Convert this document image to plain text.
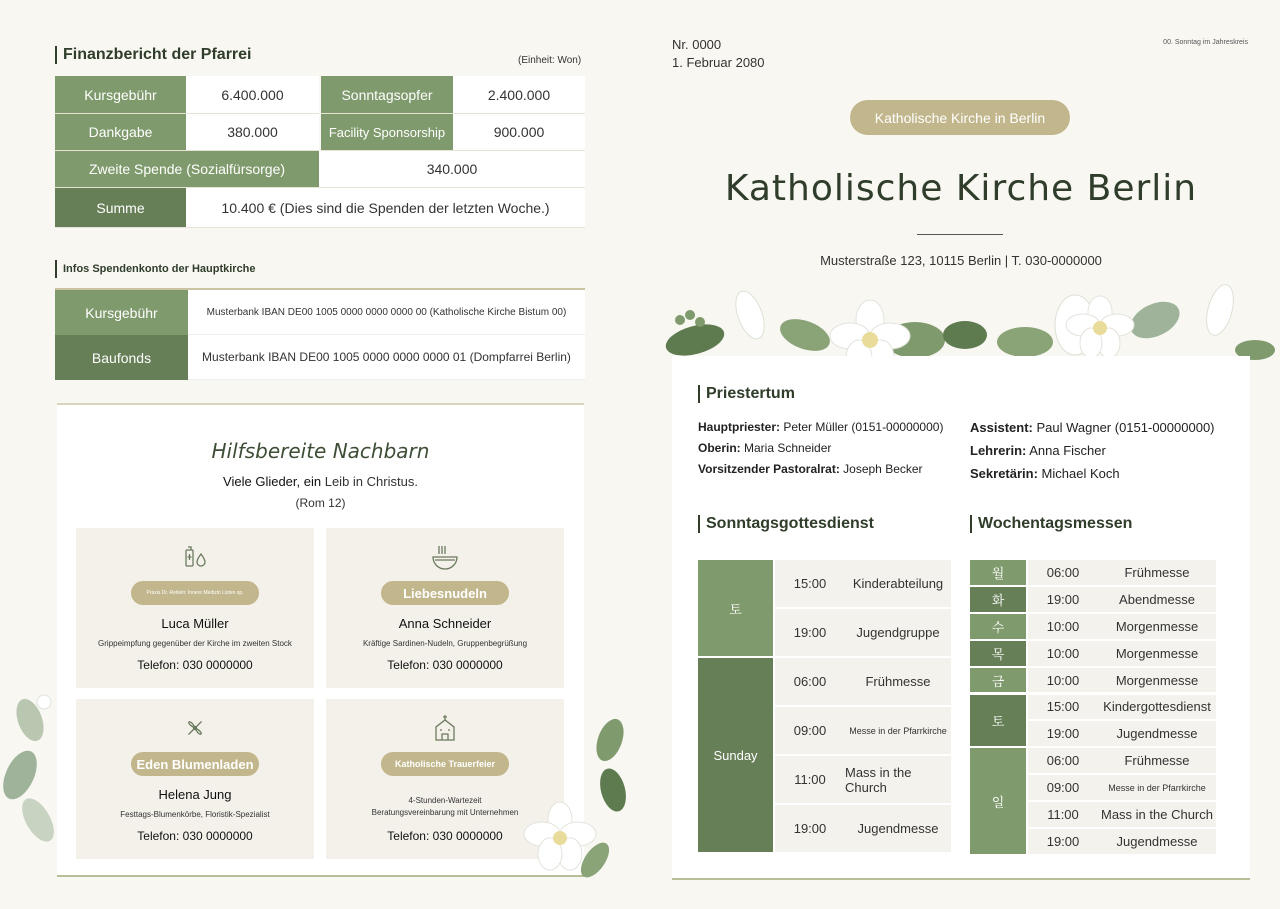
Finanzbericht der Pfarrei	(Einheit: Won)
Kursgebühr	6.400.000	Sonntagsopfer	2.400.000
Dankgabe	380.000	Facility Sponsorship	900.000
Zweite Spende (Sozialfürsorge)	340.000
Summe	10.400 € (Dies sind die Spenden der letzten Woche.)
Infos Spendenkonto der Hauptkirche
Kursgebühr	Musterbank IBAN DE00 1005 0000 0000 0000 00 (Katholische Kirche Bistum 00)
Baufonds	Musterbank IBAN DE00 1005 0000 0000 0000 01 (Dompfarrei Berlin)
Hilfsbereite Nachbarn
Viele Glieder, ein Leib in Christus.
(Rom 12)
Praxis Dr. Reiteln: Innere Medizin Listen sp.
Luca Müller
Grippeimpfung gegenüber der Kirche im zweiten Stock
Telefon: 030 0000000
Liebesnudeln
Anna Schneider
Kräftige Sardinen-Nudeln, Gruppenbegrüßung
Telefon: 030 0000000
Eden Blumenladen
Helena Jung
Festtags-Blumenkörbe, Floristik-Spezialist
Telefon: 030 0000000
Katholische Trauerfeier
4-Stunden-Wartezeit
Beratungsvereinbarung mit Unternehmen
Telefon: 030 0000000
Nr. 0000
1. Februar 2080
00. Sonntag im Jahreskreis
Katholische Kirche in Berlin
Katholische Kirche Berlin
Musterstraße 123, 10115 Berlin | T. 030-0000000
Priestertum
Hauptpriester: Peter Müller (0151-00000000)
Oberin: Maria Schneider
Vorsitzender Pastoralrat: Joseph Becker
Assistent: Paul Wagner (0151-00000000)
Lehrerin: Anna Fischer
Sekretärin: Michael Koch
Sonntagsgottesdienst	Wochentagsmessen
토
15:00	Kinderabteilung
19:00	Jugendgruppe
Sunday
06:00	Frühmesse
09:00	Messe in der Pfarrkirche
11:00	Mass in the Church
19:00	Jugendmesse
월	06:00	Frühmesse
화	19:00	Abendmesse
수	10:00	Morgenmesse
목	10:00	Morgenmesse
금	10:00	Morgenmesse
토
15:00	Kindergottesdienst
19:00	Jugendmesse
일
06:00	Frühmesse
09:00	Messe in der Pfarrkirche
11:00	Mass in the Church
19:00	Jugendmesse
